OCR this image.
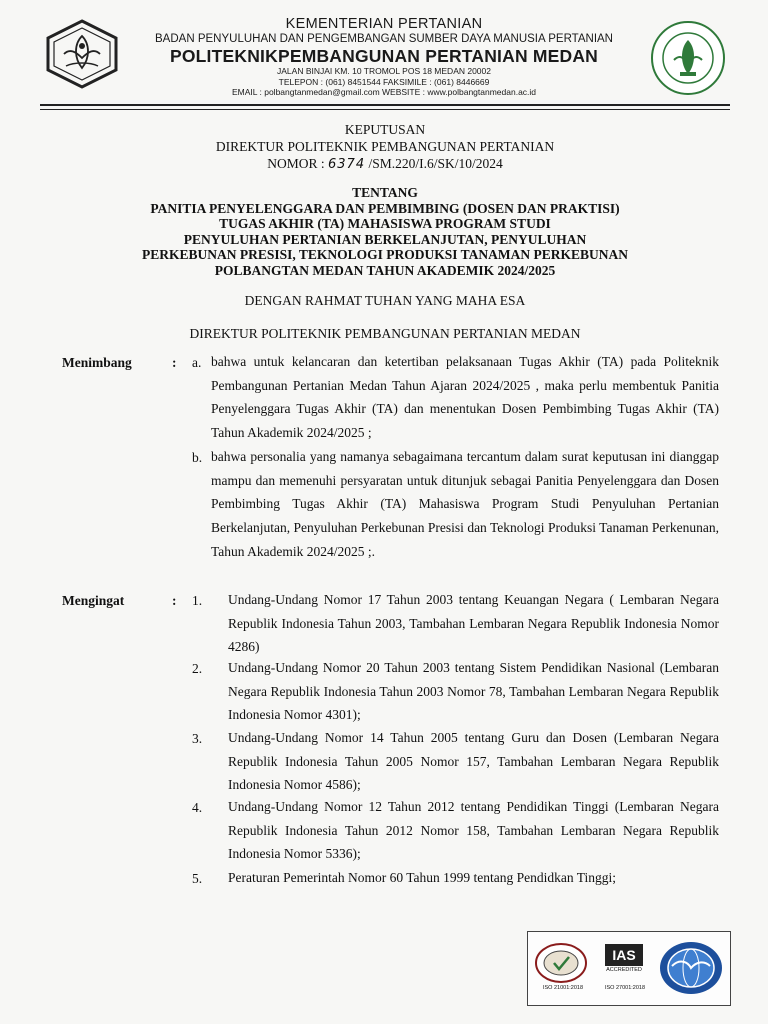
KEMENTERIAN PERTANIAN
BADAN PENYULUHAN DAN PENGEMBANGAN SUMBER DAYA MANUSIA PERTANIAN
POLITEKNIKPEMBANGUNAN PERTANIAN MEDAN
JALAN BINJAI KM. 10 TROMOL POS 18 MEDAN 20002
TELEPON : (061) 8451544 FAKSIMILE : (061) 8446669
EMAIL : polbangtanmedan@gmail.com WEBSITE : www.polbangtanmedan.ac.id
KEPUTUSAN
DIREKTUR POLITEKNIK PEMBANGUNAN PERTANIAN
NOMOR : 6374 /SM.220/I.6/SK/10/2024
TENTANG
PANITIA PENYELENGGARA DAN PEMBIMBING (DOSEN DAN PRAKTISI)
TUGAS AKHIR (TA) MAHASISWA PROGRAM STUDI
PENYULUHAN PERTANIAN BERKELANJUTAN, PENYULUHAN
PERKEBUNAN PRESISI, TEKNOLOGI PRODUKSI TANAMAN PERKEBUNAN
POLBANGTAN MEDAN TAHUN AKADEMIK 2024/2025
DENGAN RAHMAT TUHAN YANG MAHA ESA
DIREKTUR POLITEKNIK PEMBANGUNAN PERTANIAN MEDAN
Menimbang	: a. bahwa untuk kelancaran dan ketertiban pelaksanaan Tugas Akhir (TA) pada Politeknik Pembangunan Pertanian Medan Tahun Ajaran 2024/2025 , maka perlu membentuk Panitia Penyelenggara Tugas Akhir (TA) dan menentukan Dosen Pembimbing Tugas Akhir (TA) Tahun Akademik 2024/2025 ;
b. bahwa personalia yang namanya sebagaimana tercantum dalam surat keputusan ini dianggap mampu dan memenuhi persyaratan untuk ditunjuk sebagai Panitia Penyelenggara dan Dosen Pembimbing Tugas Akhir (TA) Mahasiswa Program Studi Penyuluhan Pertanian Berkelanjutan, Penyuluhan Perkebunan Presisi dan Teknologi Produksi Tanaman Perkenunan, Tahun Akademik 2024/2025 ;.
Mengingat	: 1. Undang-Undang Nomor 17 Tahun 2003 tentang Keuangan Negara ( Lembaran Negara Republik Indonesia Tahun 2003, Tambahan Lembaran Negara Republik Indonesia Nomor 4286)
2. Undang-Undang Nomor 20 Tahun 2003 tentang Sistem Pendidikan Nasional (Lembaran Negara Republik Indonesia Tahun 2003 Nomor 78, Tambahan Lembaran Negara Republik Indonesia Nomor 4301);
3. Undang-Undang Nomor 14 Tahun 2005 tentang Guru dan Dosen (Lembaran Negara Republik Indonesia Tahun 2005 Nomor 157, Tambahan Lembaran Negara Republik Indonesia Nomor 4586);
4. Undang-Undang Nomor 12 Tahun 2012 tentang Pendidikan Tinggi (Lembaran Negara Republik Indonesia Tahun 2012 Nomor 158, Tambahan Lembaran Negara Republik Indonesia Nomor 5336);
5. Peraturan Pemerintah Nomor 60 Tahun 1999 tentang Pendidkan Tinggi;
ISO 21001:2018
IAS
ACCREDITED
ISO 27001:2018
